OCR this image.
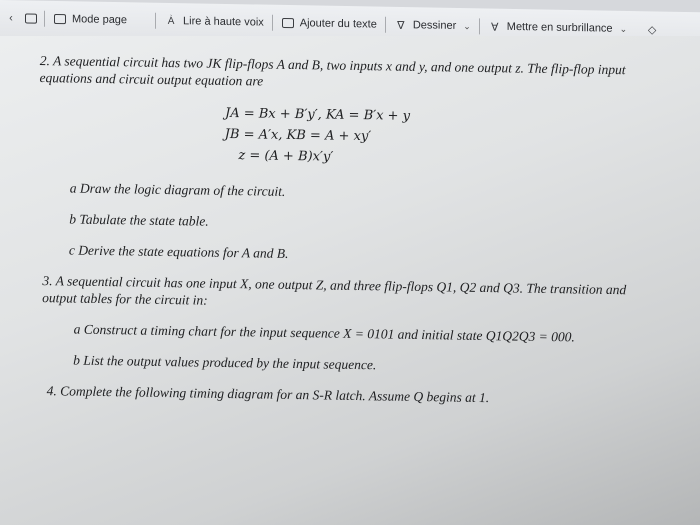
‹	Mode page	A͗ Lire à haute voix	Ajouter du texte	∇ Dessiner ⌄ ∀ Mettre en surbrillance ⌄ ◇

2. A sequential circuit has two JK flip-flops A and B, two inputs x and y, and one output z. The flip-flop input equations and circuit output equation are

JA = Bx + B′y′, KA = B′x + y
JB = A′x, KB = A + xy′
z = (A + B)x′y′
a Draw the logic diagram of the circuit.
b Tabulate the state table.
c Derive the state equations for A and B.

3. A sequential circuit has one input X, one output Z, and three flip-flops Q1, Q2 and Q3. The transition and output tables for the circuit in:

a Construct a timing chart for the input sequence X = 0101 and initial state Q1Q2Q3 = 000.
b List the output values produced by the input sequence.

4. Complete the following timing diagram for an S-R latch. Assume Q begins at 1.
